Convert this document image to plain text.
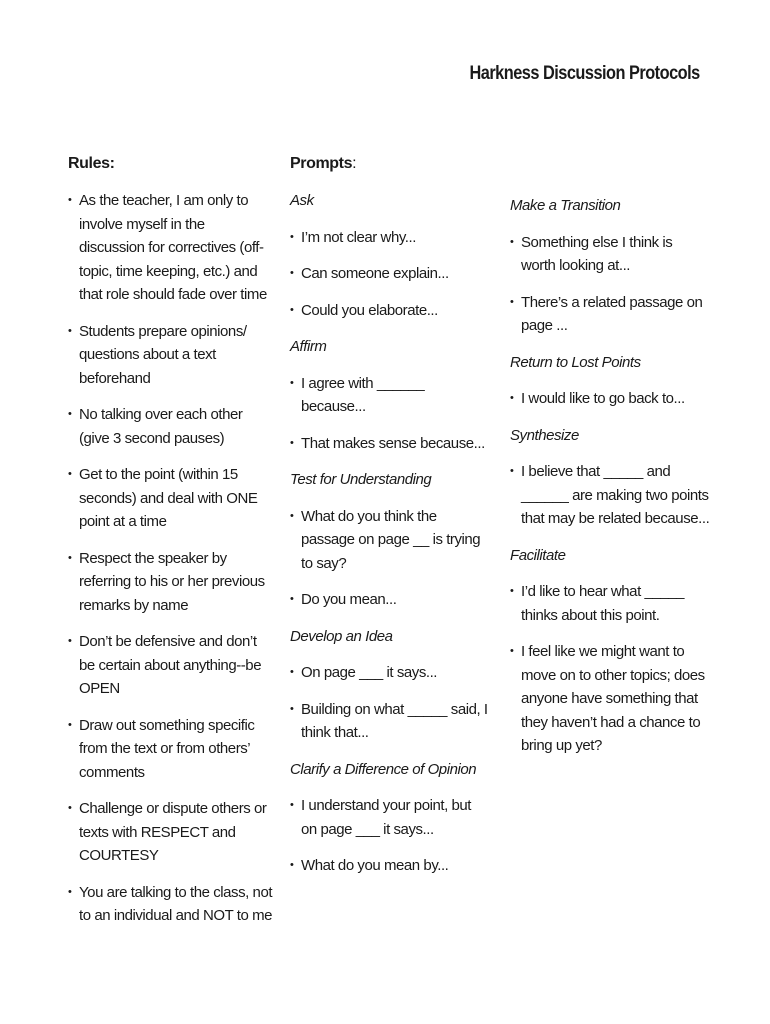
Harkness Discussion Protocols
Rules:
• As the teacher, I am only to involve myself in the discussion for correctives (off-topic, time keeping, etc.) and that role should fade over time
• Students prepare opinions/ questions about a text beforehand
• No talking over each other (give 3 second pauses)
• Get to the point (within 15 seconds) and deal with ONE point at a time
• Respect the speaker by referring to his or her previous remarks by name
• Don’t be defensive and don’t be certain about anything--be OPEN
• Draw out something specific from the text or from others’ comments
• Challenge or dispute others or texts with RESPECT and COURTESY
• You are talking to the class, not to an individual and NOT to me
Prompts:
Ask
• I’m not clear why...
• Can someone explain...
• Could you elaborate...
Affirm
• I agree with ______ because...
• That makes sense because...
Test for Understanding
• What do you think the passage on page __ is trying to say?
• Do you mean...
Develop an Idea
• On page ___ it says...
• Building on what _____ said, I think that...
Clarify a Difference of Opinion
• I understand your point, but on page ___ it says...
• What do you mean by...
Make a Transition
• Something else I think is worth looking at...
• There’s a related passage on page ...
Return to Lost Points
• I would like to go back to...
Synthesize
• I believe that _____ and ______ are making two points that may be related because...
Facilitate
• I’d like to hear what _____ thinks about this point.
• I feel like we might want to move on to other topics; does anyone have something that they haven’t had a chance to bring up yet?
